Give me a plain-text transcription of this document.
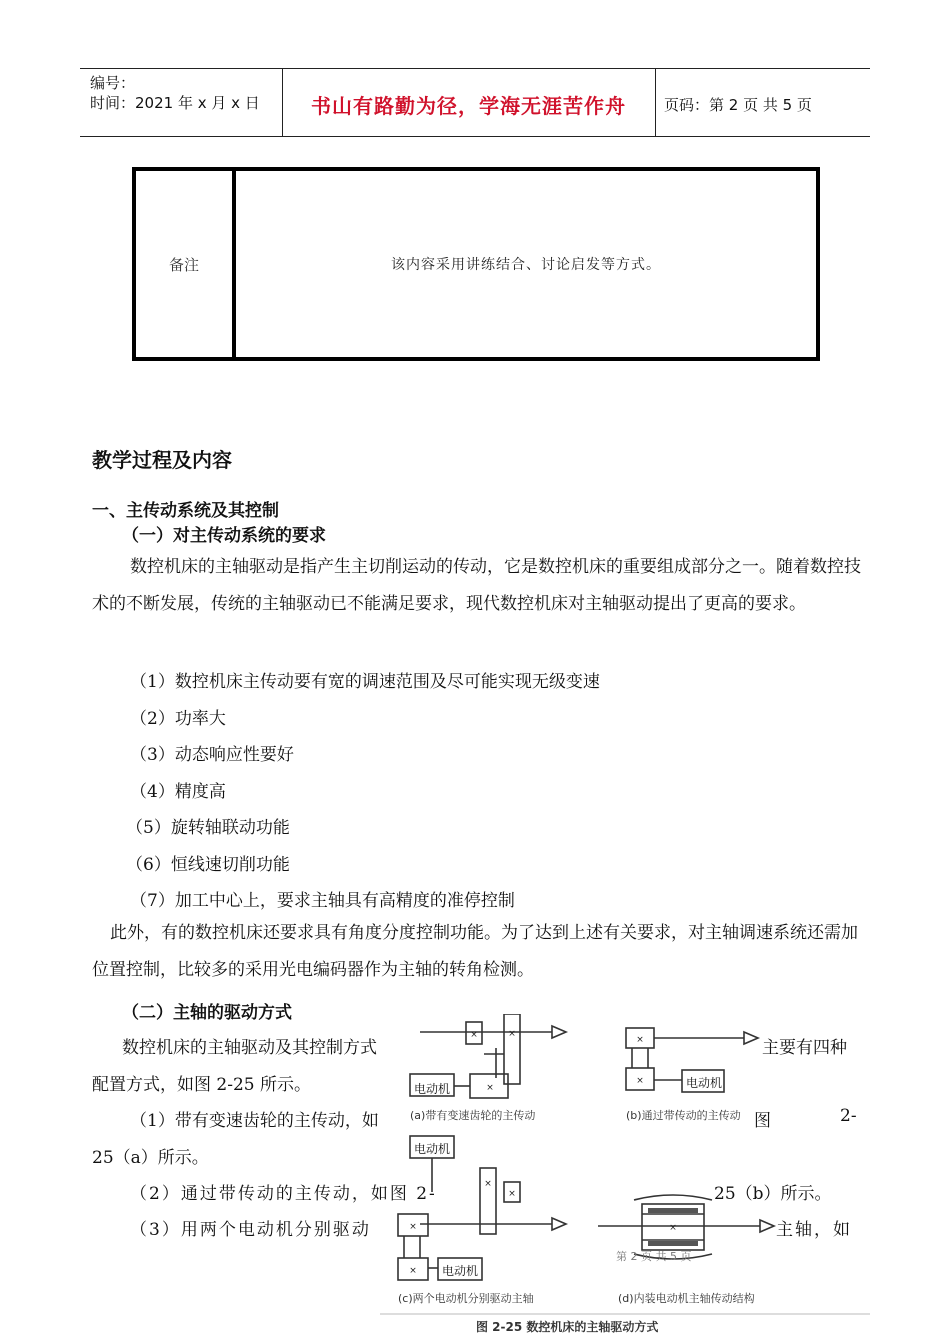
编号：
时间：2021 年 x 月 x 日	书山有路勤为径，学海无涯苦作舟	页码：第 2 页 共 5 页
备注	该内容采用讲练结合、讨论启发等方式。
教学过程及内容
一、主传动系统及其控制
（一）对主传动系统的要求
数控机床的主轴驱动是指产生主切削运动的传动，它是数控机床的重要组成部分之一。随着数控技术的不断发展，传统的主轴驱动已不能满足要求，现代数控机床对主轴驱动提出了更高的要求。
（1）数控机床主传动要有宽的调速范围及尽可能实现无级变速
（2）功率大
（3）动态响应性要好
（4）精度高
（5）旋转轴联动功能
（6）恒线速切削功能
（7）加工中心上，要求主轴具有高精度的准停控制
此外，有的数控机床还要求具有角度分度控制功能。为了达到上述有关要求，对主轴调速系统还需加位置控制，比较多的采用光电编码器作为主轴的转角检测。
（二）主轴的驱动方式
数控机床的主轴驱动及其控制方式	主要有四种
配置方式，如图 2-25 所示。
（1）带有变速齿轮的主传动，如	图	2-
25（a）所示。
（2）通过带传动的主传动，如图 2-	25（b）所示。
（3）用两个电动机分别驱动	主轴，如
×	×
×
×
×
×
×
×
×
×
电动机	电动机
电动机
电动机
(a)带有变速齿轮的主传动	(b)通过带传动的主传动
(c)两个电动机分别驱动主轴	(d)内装电动机主轴传动结构
第 2 页 共 5 页
图 2-25 数控机床的主轴驱动方式
